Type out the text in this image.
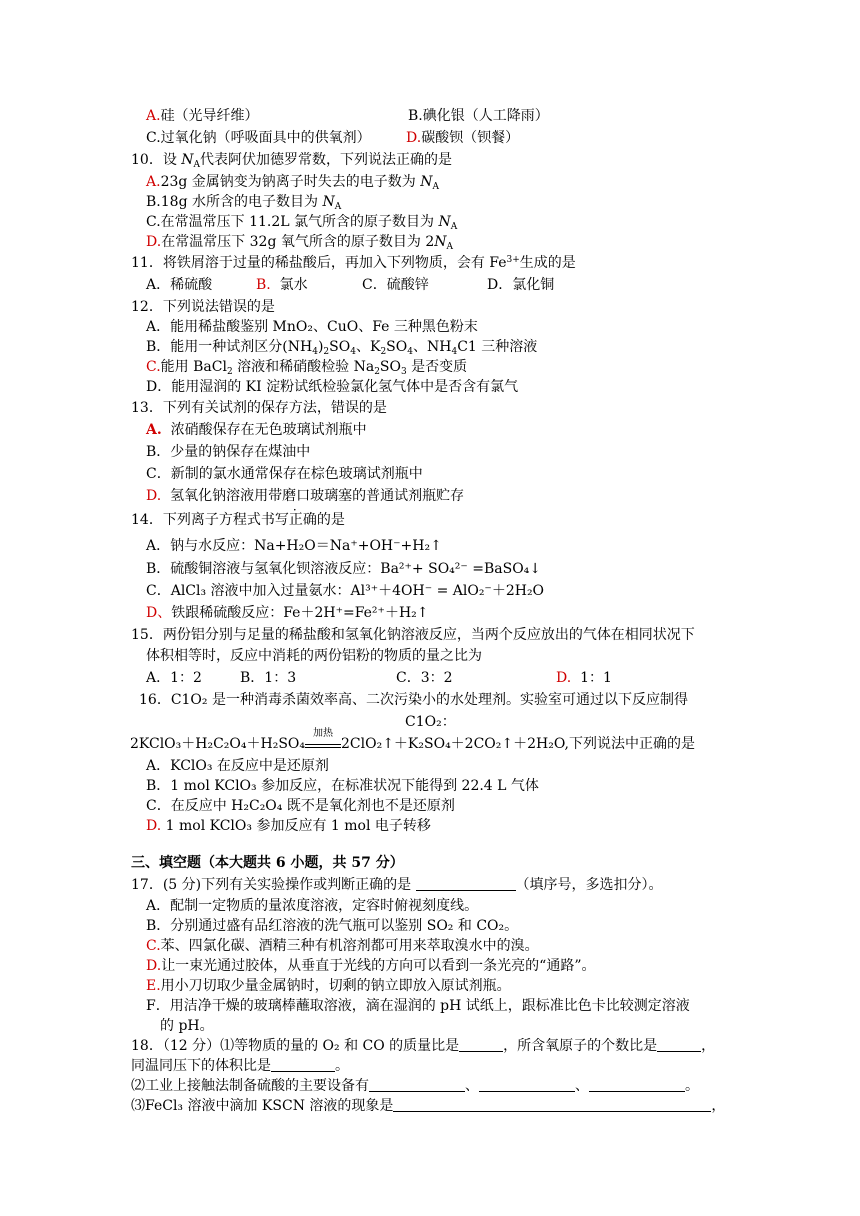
A.硅（光导纤维）	B.碘化银（人工降雨）
C.过氧化钠（呼吸面具中的供氧剂）	D.碳酸钡（钡餐）
10．设 $N_A$代表阿伏加德罗常数，下列说法正确的是
A.23g 金属钠变为钠离子时失去的电子数为 $N_A$
B.18g 水所含的电子数目为 $N_A$
C.在常温常压下 11.2L 氯气所含的原子数目为 $N_A$
D.在常温常压下 32g 氧气所含的原子数目为 $2N_A$
11．将铁屑溶于过量的稀盐酸后，再加入下列物质，会有 $Fe^{3+}$生成的是
A．稀硫酸	B. 氯水	C．硫酸锌	D．氯化铜
12．下列说法错误的是
A．能用稀盐酸鉴别 MnO₂、CuO、Fe 三种黑色粉末
B．能用一种试剂区分$(NH_4)_2SO_4$、$K_2SO_4$、$NH_4C1$ 三种溶液
C.能用 BaCl$_2$ 溶液和稀硝酸检验 $Na_2SO_3$ 是否变质
D．能用湿润的 KI 淀粉试纸检验氯化氢气体中是否含有氯气
13．下列有关试剂的保存方法，错误的是
A. 浓硝酸保存在无色玻璃试剂瓶中
B．少量的钠保存在煤油中
C．新制的氯水通常保存在棕色玻璃试剂瓶中
D. 氢氧化钠溶液用带磨口玻璃塞的普通试剂瓶贮存
14．下列离子方程式书写正确的是
A．钠与水反应：Na+H₂O＝Na⁺+OH⁻+H₂↑
B．硫酸铜溶液与氢氧化钡溶液反应：Ba²⁺+ SO₄²⁻ =BaSO₄↓
C．AlCl₃ 溶液中加入过量氨水：Al³⁺＋4OH⁻ = AlO₂⁻＋2H₂O
D、铁跟稀硫酸反应：Fe＋2H⁺=Fe²⁺＋H₂↑
15．两份铝分别与足量的稀盐酸和氢氧化钠溶液反应，当两个反应放出的气体在相同状况下
体积相等时，反应中消耗的两份铝粉的物质的量之比为
A．1：2	B．1：3	C．3：2	D. 1：1
16．C1O₂ 是一种消毒杀菌效率高、二次污染小的水处理剂。实验室可通过以下反应制得
C1O₂：
2KClO₃＋H₂C₂O₄＋H₂SO₄
加热
2ClO₂↑＋K₂SO₄＋2CO₂↑＋2H₂O,下列说法中正确的是
A．KClO₃ 在反应中是还原剂
B．1 mol KClO₃ 参加反应，在标准状况下能得到 22.4 L 气体
C．在反应中 H₂C₂O₄ 既不是氧化剂也不是还原剂
D. 1 mol KClO₃ 参加反应有 1 mol 电子转移
三、填空题（本大题共 6 小题，共 57 分）
17．(5 分)下列有关实验操作或判断正确的是	（填序号，多选扣分）。
A．配制一定物质的量浓度溶液，定容时俯视刻度线。
B．分别通过盛有品红溶液的洗气瓶可以鉴别 SO₂ 和 CO₂。
C.苯、四氯化碳、酒精三种有机溶剂都可用来萃取溴水中的溴。
D.让一束光通过胶体，从垂直于光线的方向可以看到一条光亮的“通路”。
E.用小刀切取少量金属钠时，切剩的钠立即放入原试剂瓶。
F．用洁净干燥的玻璃棒蘸取溶液，滴在湿润的 pH 试纸上，跟标准比色卡比较测定溶液
的 pH。
18．（12 分）⑴等物质的量的 O₂ 和 CO 的质量比是	，所含氧原子的个数比是	，
同温同压下的体积比是	。
⑵工业上接触法制备硫酸的主要设备有	、	、	。
⑶FeCl₃ 溶液中滴加 KSCN 溶液的现象是	，
